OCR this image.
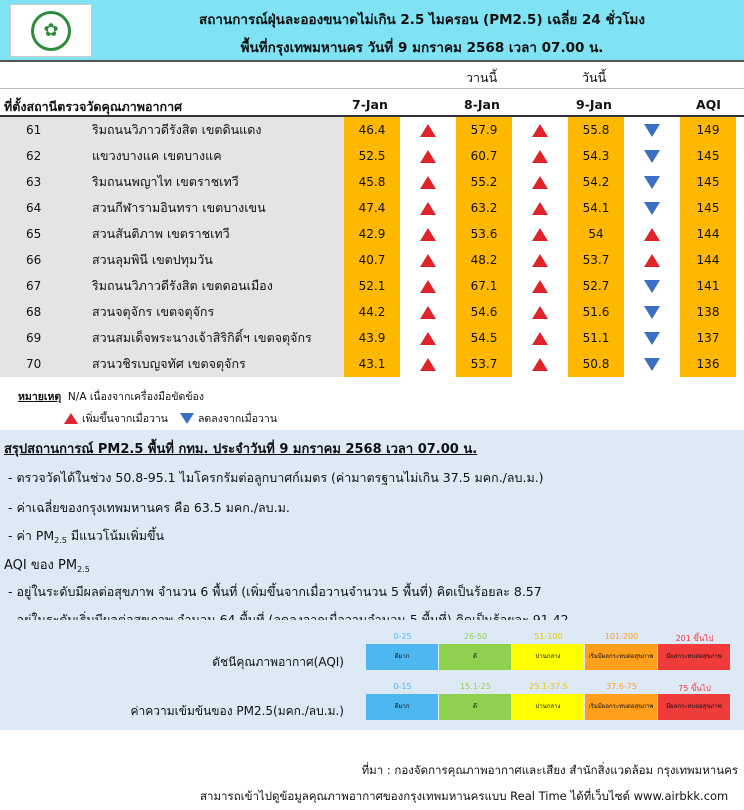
✿	สถานการณ์ฝุ่นละอองขนาดไม่เกิน 2.5 ไมครอน (PM2.5) เฉลี่ย 24 ชั่วโมง
พื้นที่กรุงเทพมหานคร วันที่ 9 มกราคม 2568 เวลา 07.00 น.
วานนี้	วันนี้
ที่ตั้งสถานีตรวจวัดคุณภาพอากาศ	7-Jan	8-Jan	9-Jan	AQI
61	ริมถนนวิภาวดีรังสิต เขตดินแดง	46.4	57.9	55.8	149
62	แขวงบางแค เขตบางแค	52.5	60.7	54.3	145
63	ริมถนนพญาไท เขตราชเทวี	45.8	55.2	54.2	145
64	สวนกีฬารามอินทรา เขตบางเขน	47.4	63.2	54.1	145
65	สวนสันติภาพ เขตราชเทวี	42.9	53.6	54	144
66	สวนลุมพินี เขตปทุมวัน	40.7	48.2	53.7	144
67	ริมถนนวิภาวดีรังสิต เขตดอนเมือง	52.1	67.1	52.7	141
68	สวนจตุจักร เขตจตุจักร	44.2	54.6	51.6	138
69	สวนสมเด็จพระนางเจ้าสิริกิติ์ฯ เขตจตุจักร	43.9	54.5	51.1	137
70	สวนวชิรเบญจทัศ เขตจตุจักร	43.1	53.7	50.8	136
หมายเหตุ N/A เนื่องจากเครื่องมือขัดข้อง
เพิ่มขึ้นจากเมื่อวาน	ลดลงจากเมื่อวาน
สรุปสถานการณ์ PM2.5 พื้นที่ กทม. ประจำวันที่ 9 มกราคม 2568 เวลา 07.00 น.
- ตรวจวัดได้ในช่วง 50.8-95.1 ไมโครกรัมต่อลูกบาศก์เมตร (ค่ามาตรฐานไม่เกิน 37.5 มคก./ลบ.ม.)
- ค่าเฉลี่ยของกรุงเทพมหานคร คือ 63.5 มคก./ลบ.ม.
- ค่า $PM_{2.5}$ มีแนวโน้มเพิ่มขึ้น
AQI ของ $PM_{2.5}$
- อยู่ในระดับมีผลต่อสุขภาพ จำนวน 6 พื้นที่ (เพิ่มขึ้นจากเมื่อวานจำนวน 5 พื้นที่) คิดเป็นร้อยละ 8.57
0-25	26-50	51-100	101-200	201 ขึ้นไป
ดัชนีคุณภาพอากาศ(AQI)	ดีมาก	ดี	ปานกลาง	เริ่มมีผลกระทบต่อสุขภาพ	มีผลกระทบต่อสุขภาพ
0-15	15.1-25	25.1-37.5	37.6-75	75 ขึ้นไป
ค่าความเข้มข้นของ PM2.5(มคก./ลบ.ม.)	ดีมาก	ดี	ปานกลาง	เริ่มมีผลกระทบต่อสุขภาพ	มีผลกระทบต่อสุขภาพ
ที่มา : กองจัดการคุณภาพอากาศและเสียง สำนักสิ่งแวดล้อม กรุงเทพมหานคร
สามารถเข้าไปดูข้อมูลคุณภาพอากาศของกรุงเทพมหานครแบบ Real Time ได้ที่เว็บไซต์ www.airbkk.com
